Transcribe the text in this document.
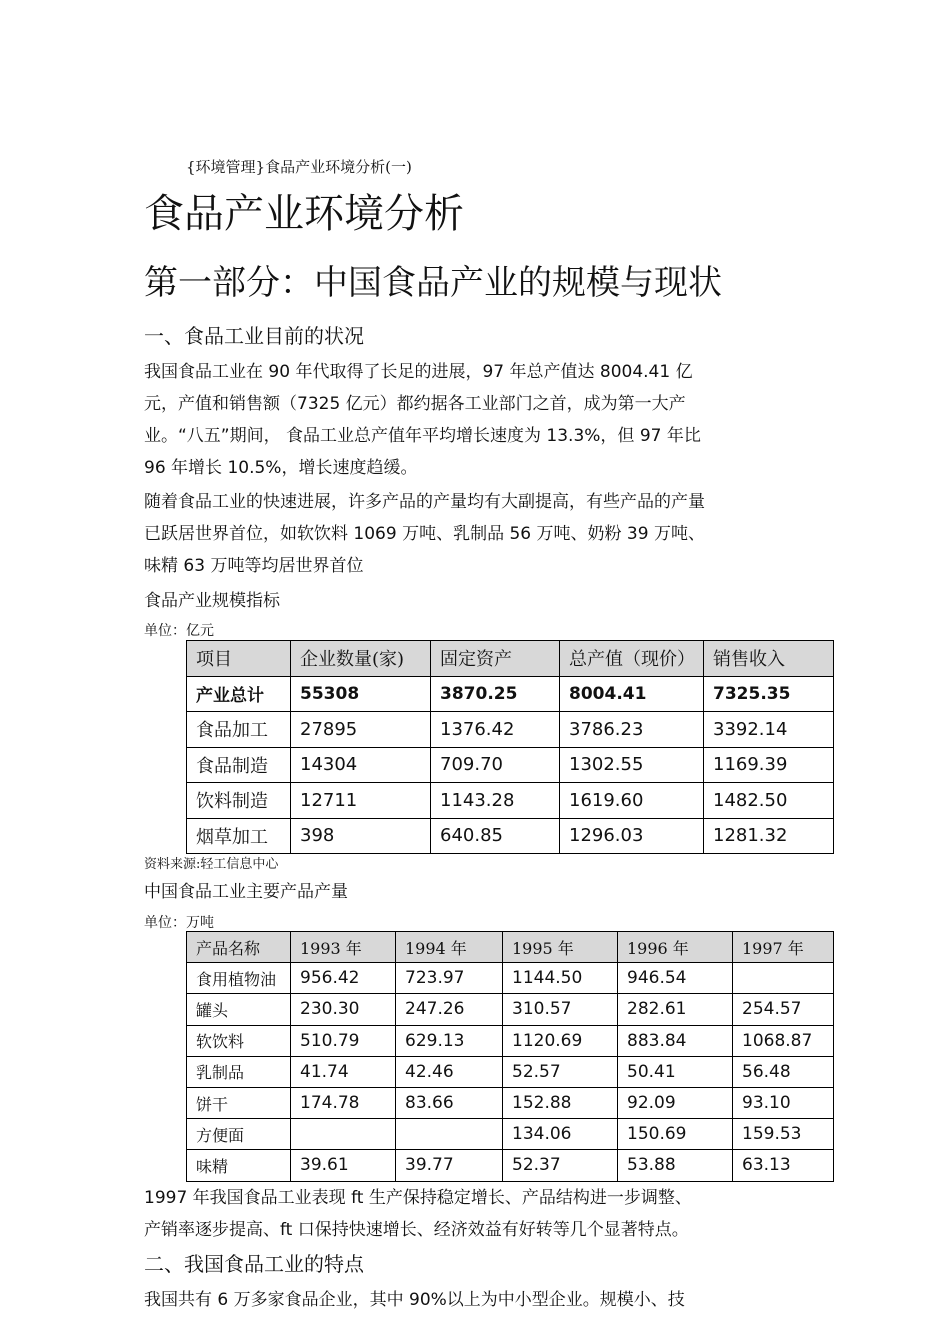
{环境管理}食品产业环境分析(一)
食品产业环境分析
第一部分：中国食品产业的规模与现状
一、食品工业目前的状况

我国食品工业在 90 年代取得了长足的进展，97 年总产值达 8004.41 亿
元，产值和销售额（7325 亿元）都约据各工业部门之首，成为第一大产
业。“八五”期间， 食品工业总产值年平均增长速度为 13.3%，但 97 年比
96 年增长 10.5%，增长速度趋缓。

随着食品工业的快速进展，许多产品的产量均有大副提高，有些产品的产量
已跃居世界首位，如软饮料 1069 万吨、乳制品 56 万吨、奶粉 39 万吨、
味精 63 万吨等均居世界首位

食品产业规模指标
单位：亿元
项目	企业数量(家)	固定资产	总产值（现价）	销售收入
产业总计	55308	3870.25	8004.41	7325.35
食品加工	27895	1376.42	3786.23	3392.14
食品制造	14304	709.70	1302.55	1169.39
饮料制造	12711	1143.28	1619.60	1482.50
烟草加工	398	640.85	1296.03	1281.32
资料来源:轻工信息中心
中国食品工业主要产品产量
单位：万吨
产品名称	1993 年	1994 年	1995 年	1996 年	1997 年
食用植物油	956.42	723.97	1144.50	946.54	
罐头	230.30	247.26	310.57	282.61	254.57
软饮料	510.79	629.13	1120.69	883.84	1068.87
乳制品	41.74	42.46	52.57	50.41	56.48
饼干	174.78	83.66	152.88	92.09	93.10
方便面			134.06	150.69	159.53
味精	39.61	39.77	52.37	53.88	63.13

1997 年我国食品工业表现 ft 生产保持稳定增长、产品结构进一步调整、
产销率逐步提高、ft 口保持快速增长、经济效益有好转等几个显著特点。

二、我国食品工业的特点

我国共有 6 万多家食品企业，其中 90%以上为中小型企业。规模小、技
